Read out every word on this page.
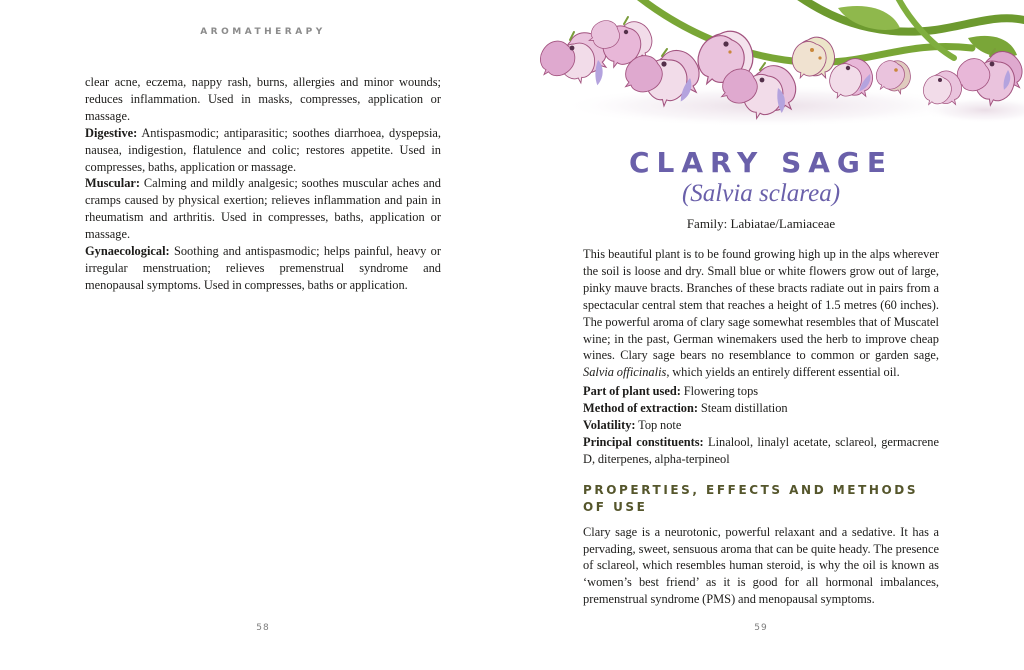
AROMATHERAPY

clear acne, eczema, nappy rash, burns, allergies and minor wounds; reduces inflammation. Used in masks, compresses, application or massage.

Digestive: Antispasmodic; antiparasitic; soothes diarrhoea, dyspepsia, nausea, indigestion, flatulence and colic; restores appetite. Used in compresses, baths, application or massage.

Muscular: Calming and mildly analgesic; soothes muscular aches and cramps caused by physical exertion; relieves inflammation and pain in rheumatism and arthritis. Used in compresses, baths, application or massage.

Gynaecological: Soothing and antispasmodic; helps painful, heavy or irregular menstruation; relieves premenstrual syndrome and menopausal symptoms. Used in compresses, baths or application.

58
CLARY SAGE
(Salvia sclarea)
Family: Labiatae/Lamiaceae

This beautiful plant is to be found growing high up in the alps wherever the soil is loose and dry. Small blue or white flowers grow out of large, pinky mauve bracts. Branches of these bracts radiate out in pairs from a spectacular central stem that reaches a height of 1.5 metres (60 inches). The powerful aroma of clary sage somewhat resembles that of Muscatel wine; in the past, German winemakers used the herb to improve cheap wines. Clary sage bears no resemblance to common or garden sage, Salvia officinalis, which yields an entirely different essential oil.

Part of plant used: Flowering tops

Method of extraction: Steam distillation

Volatility: Top note

Principal constituents: Linalool, linalyl acetate, sclareol, germacrene D, diterpenes, alpha-terpineol

PROPERTIES, EFFECTS AND METHODS OF USE

Clary sage is a neurotonic, powerful relaxant and a sedative. It has a pervading, sweet, sensuous aroma that can be quite heady. The presence of sclareol, which resembles human steroid, is why the oil is known as ‘women’s best friend’ as it is good for all hormonal imbalances, premenstrual syndrome (PMS) and menopausal symptoms.

59
